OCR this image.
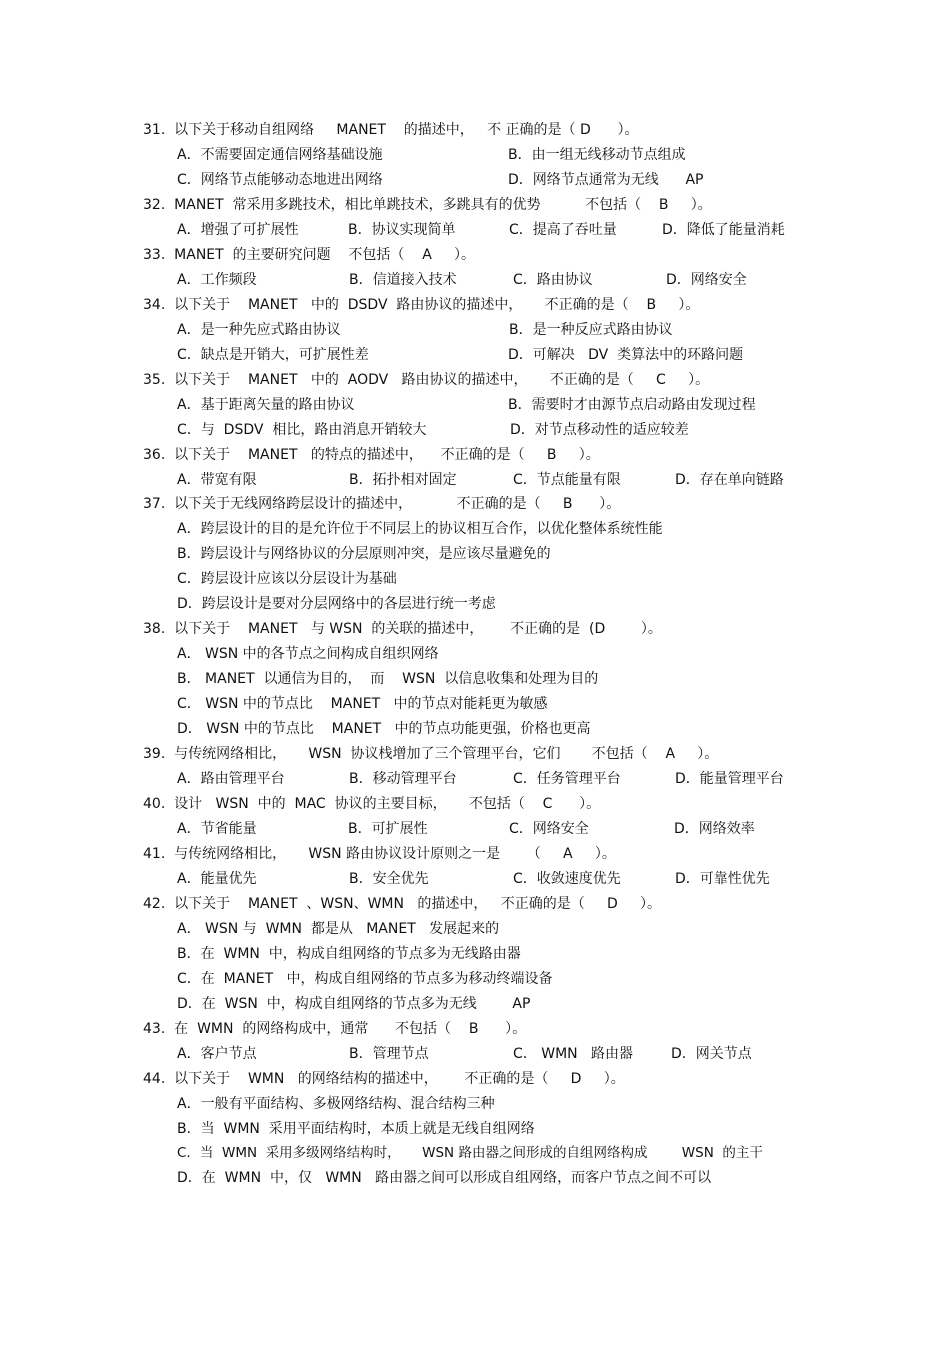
31.  以下关于移动自组网络     MANET    的描述中，   不 正确的是（ D      ）。
A．不需要固定通信网络基础设施	B．由一组无线移动节点组成
C．网络节点能够动态地进出网络	D．网络节点通常为无线      AP
32.  MANET  常采用多跳技术，相比单跳技术，多跳具有的优势          不包括（    B     ）。
A．增强了可扩展性	B．协议实现简单	C．提高了吞吐量	D．降低了能量消耗
33.  MANET  的主要研究问题    不包括（    A     ）。
A．工作频段	B．信道接入技术	C．路由协议	D．网络安全
34.  以下关于    MANET   中的  DSDV  路由协议的描述中，     不正确的是（    B     ）。
A．是一种先应式路由协议	B．是一种反应式路由协议
C．缺点是开销大，可扩展性差	D．可解决   DV  类算法中的环路问题
35.  以下关于    MANET   中的  AODV   路由协议的描述中，     不正确的是（     C     ）。
A．基于距离矢量的路由协议	B．需要时才由源节点启动路由发现过程
C．与  DSDV  相比，路由消息开销较大	D．对节点移动性的适应较差
36.  以下关于    MANET   的特点的描述中，    不正确的是（     B     ）。
A．带宽有限	B．拓扑相对固定	C．节点能量有限	D．存在单向链路
37.  以下关于无线网络跨层设计的描述中，          不正确的是（     B      ）。
A．跨层设计的目的是允许位于不同层上的协议相互合作，以优化整体系统性能
B．跨层设计与网络协议的分层原则冲突，是应该尽量避免的
C．跨层设计应该以分层设计为基础
D．跨层设计是要对分层网络中的各层进行统一考虑
38.  以下关于    MANET   与 WSN  的关联的描述中，      不正确的是  (D        ）。
A． WSN 中的各节点之间构成自组织网络
B． MANET  以通信为目的，  而    WSN  以信息收集和处理为目的
C． WSN 中的节点比    MANET   中的节点对能耗更为敏感
D． WSN 中的节点比    MANET   中的节点功能更强，价格也更高
39.  与传统网络相比，     WSN  协议栈增加了三个管理平台，它们       不包括（    A     ）。
A．路由管理平台	B．移动管理平台	C．任务管理平台	D．能量管理平台
40.  设计   WSN  中的  MAC  协议的主要目标，     不包括（    C      ）。
A．节省能量	B．可扩展性	C．网络安全	D．网络效率
41.  与传统网络相比，     WSN 路由协议设计原则之一是      （     A     ）。
A．能量优先	B．安全优先	C．收敛速度优先	D．可靠性优先
42.  以下关于    MANET  、WSN、WMN   的描述中，   不正确的是（     D     ）。
A． WSN 与  WMN  都是从   MANET   发展起来的
B．在  WMN  中，构成自组网络的节点多为无线路由器
C．在  MANET   中，构成自组网络的节点多为移动终端设备
D．在  WSN  中，构成自组网络的节点多为无线        AP
43.  在  WMN  的网络构成中，通常      不包括（    B      ）。
A．客户节点	B．管理节点	C． WMN   路由器	D．网关节点
44.  以下关于    WMN   的网络结构的描述中，      不正确的是（     D     ）。
A．一般有平面结构、多极网络结构、混合结构三种
B．当  WMN  采用平面结构时，本质上就是无线自组网络
C．当  WMN  采用多级网络结构时，     WSN 路由器之间形成的自组网络构成        WSN  的主干
D．在  WMN  中，仅   WMN   路由器之间可以形成自组网络，而客户节点之间不可以
